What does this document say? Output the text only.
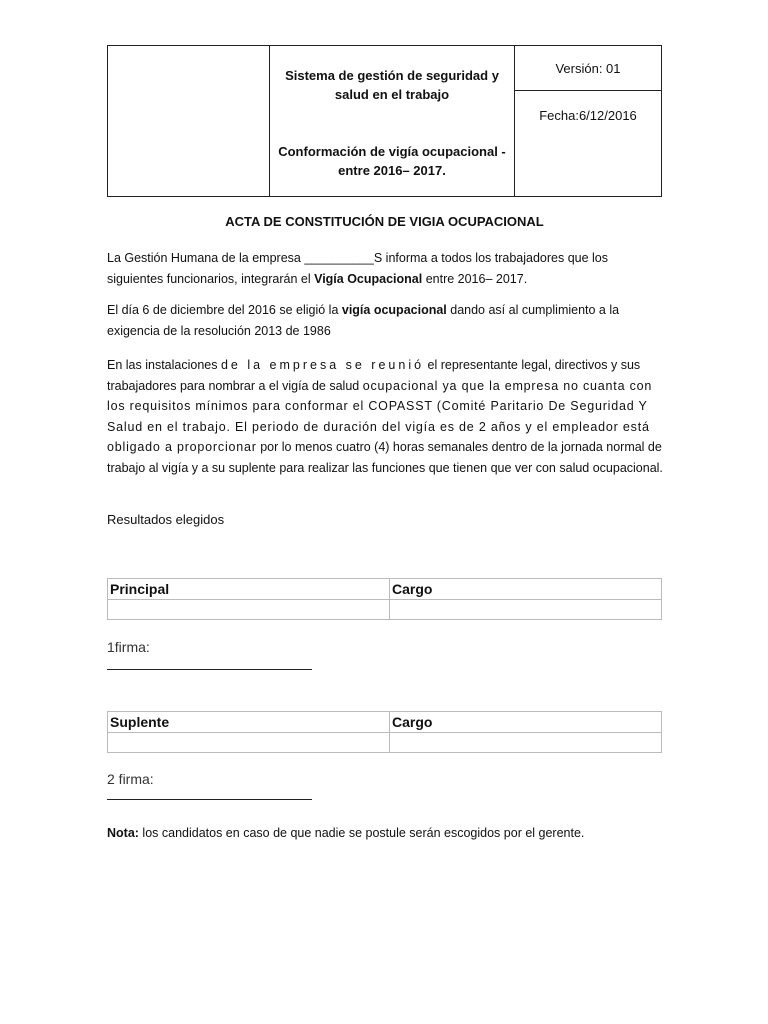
Sistema de gestión de seguridad y salud en el trabajo
Conformación de vigía ocupacional - entre 2016– 2017.
Versión: 01
Fecha:6/12/2016
ACTA DE CONSTITUCIÓN DE VIGIA OCUPACIONAL
La Gestión Humana de la empresa __________S informa a todos los trabajadores que los siguientes funcionarios, integrarán el Vigía Ocupacional entre 2016– 2017.
El día 6 de diciembre del 2016 se eligió la vigía ocupacional dando así al cumplimiento a la exigencia de la resolución 2013 de 1986
En las instalaciones de la empresa se reunió el representante legal, directivos y sus trabajadores para nombrar a el vigía de salud ocupacional ya que la empresa no cuanta con los requisitos mínimos para conformar el COPASST (Comité Paritario De Seguridad Y Salud en el trabajo. El periodo de duración del vigía es de 2 años y el empleador está obligado a proporcionar por lo menos cuatro (4) horas semanales dentro de la jornada normal de trabajo al vigía y a su suplente para realizar las funciones que tienen que ver con salud ocupacional.
Resultados elegidos
Principal	Cargo

1firma:
Suplente	Cargo

2 firma:
Nota: los candidatos en caso de que nadie se postule serán escogidos por el gerente.
